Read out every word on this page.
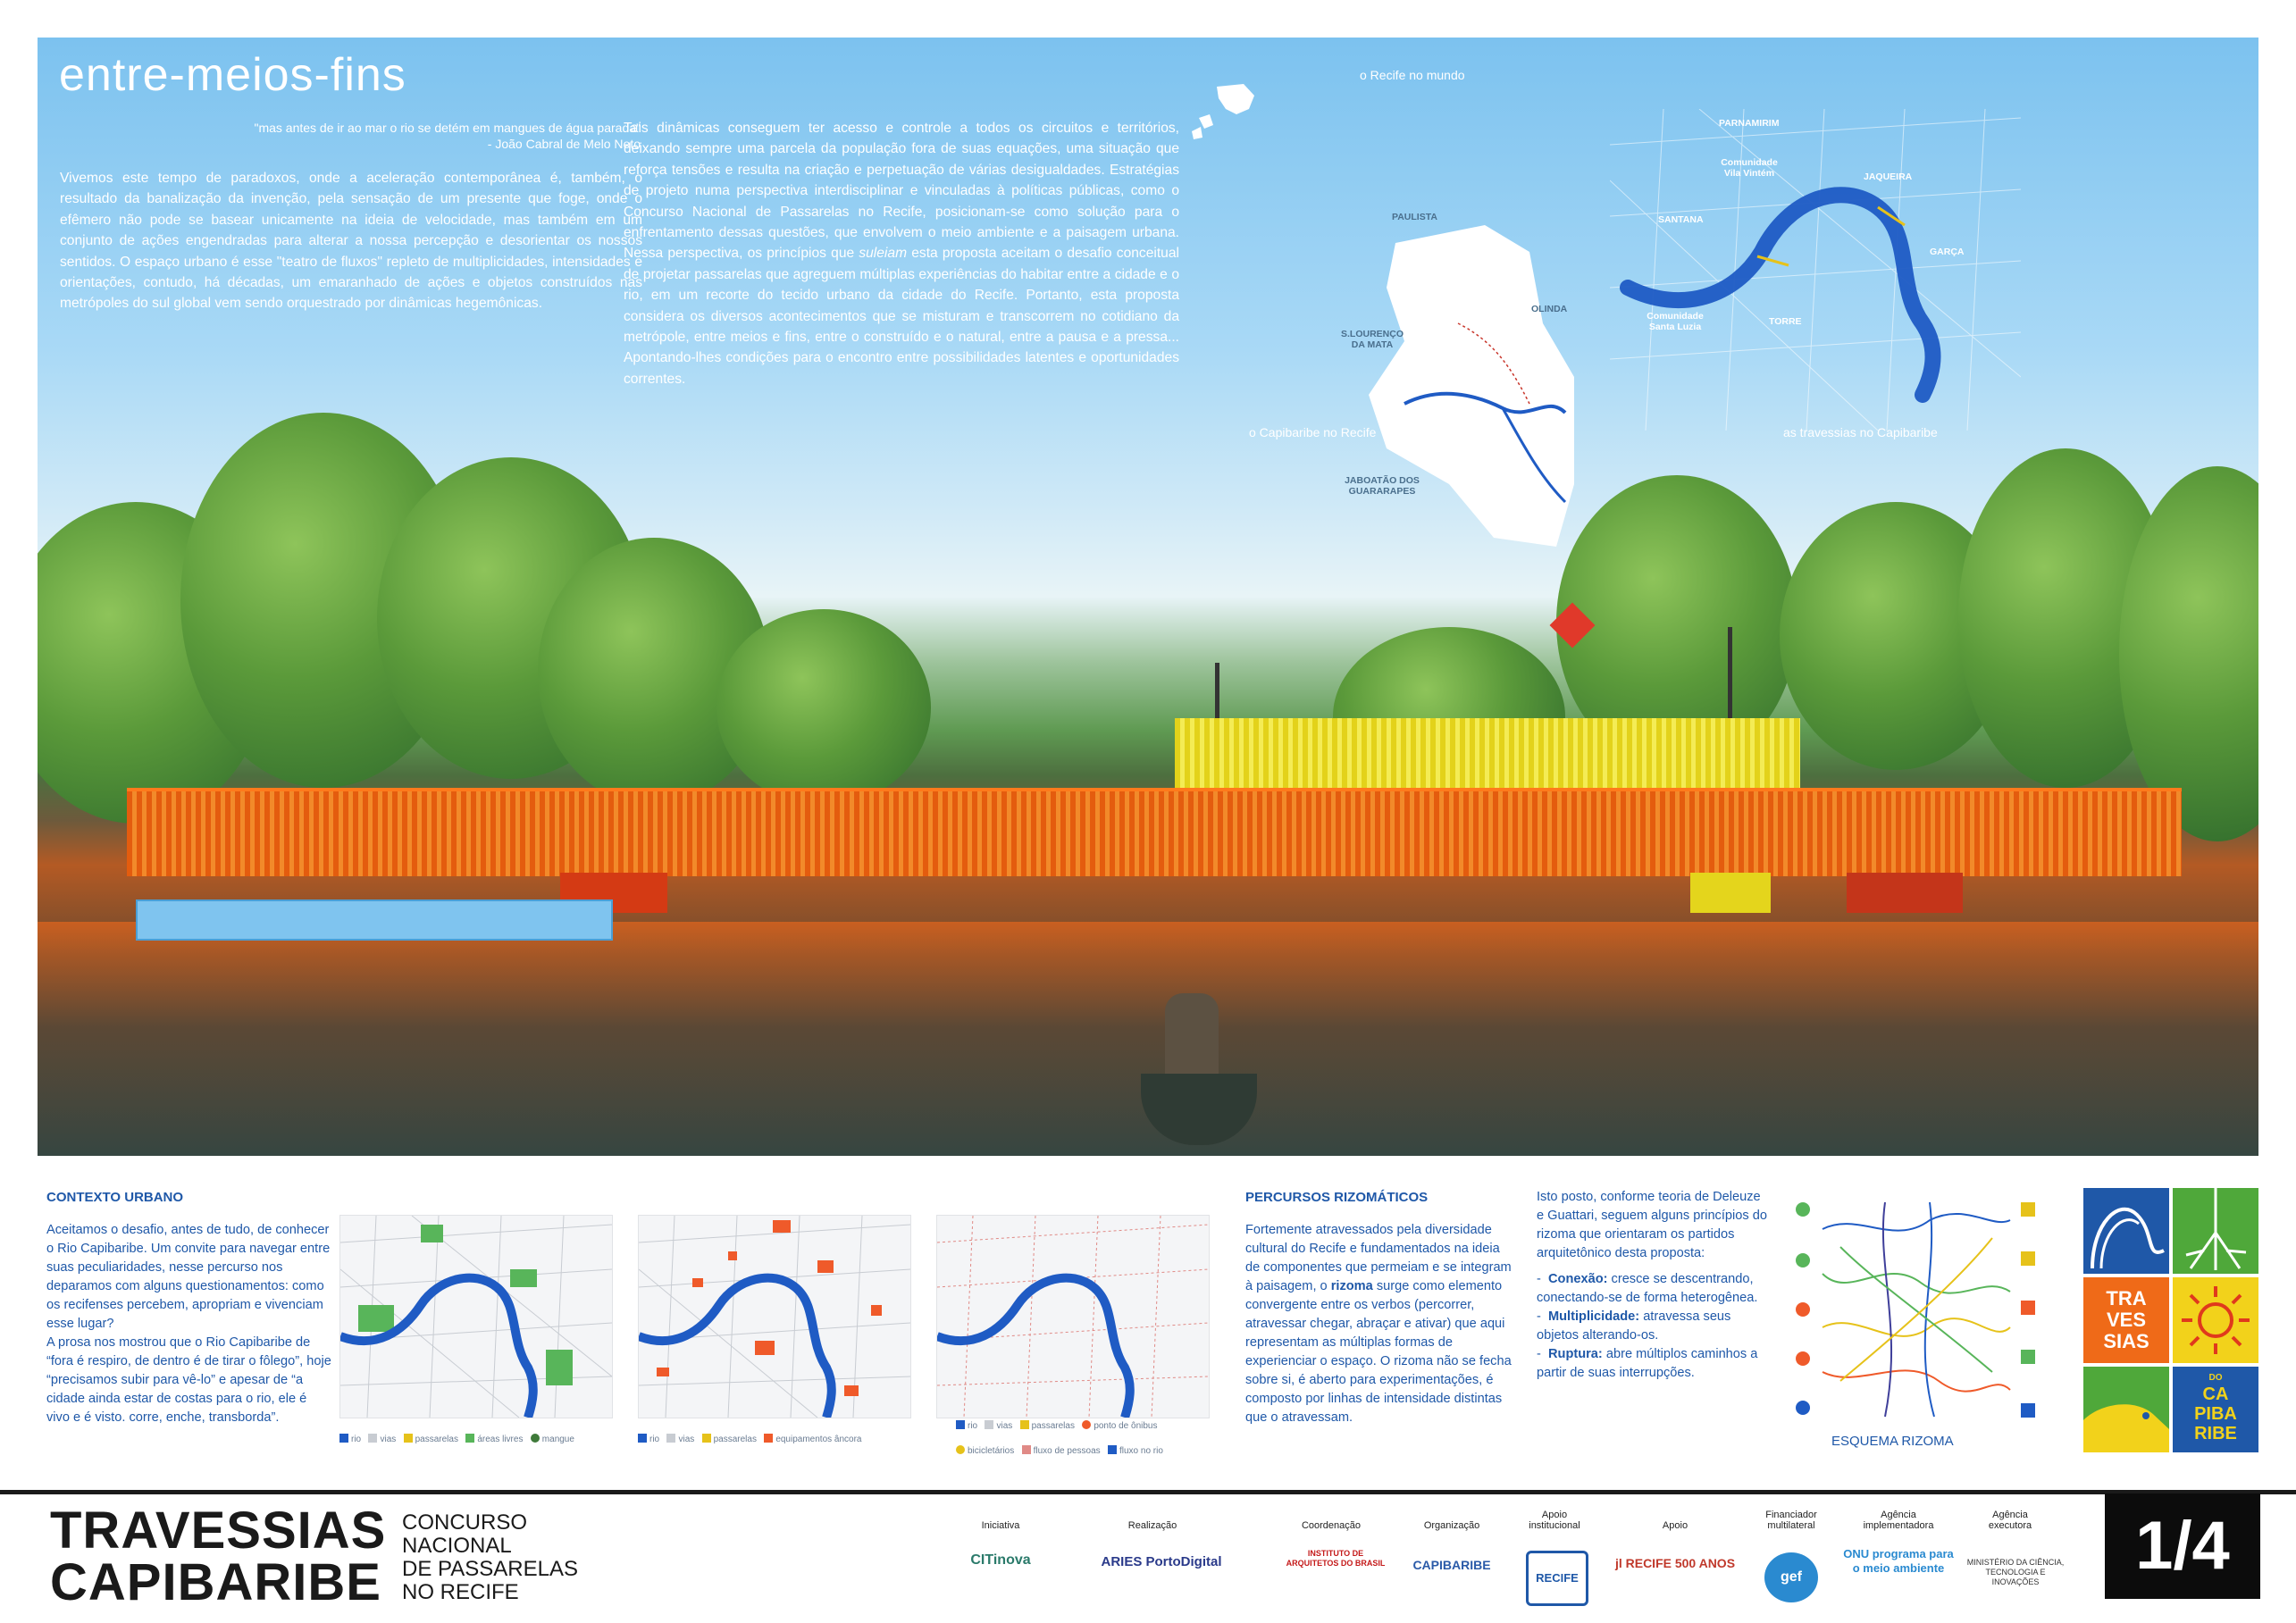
entre-meios-fins
"mas antes de ir ao mar o rio se detém em mangues de água parada"
- João Cabral de Melo Neto
Vivemos este tempo de paradoxos, onde a aceleração contemporânea é, também, o resultado da banalização da invenção, pela sensação de um presente que foge, onde o efêmero não pode se basear unicamente na ideia de velocidade, mas também em um conjunto de ações engendradas para alterar a nossa percepção e desorientar os nossos sentidos. O espaço urbano é esse "teatro de fluxos" repleto de multiplicidades, intensidades e orientações, contudo, há décadas, um emaranhado de ações e objetos construídos nas metrópoles do sul global vem sendo orquestrado por dinâmicas hegemônicas.
Tais dinâmicas conseguem ter acesso e controle a todos os circuitos e territórios, deixando sempre uma parcela da população fora de suas equações, uma situação que reforça tensões e resulta na criação e perpetuação de várias desigualdades. Estratégias de projeto numa perspectiva interdisciplinar e vinculadas à políticas públicas, como o Concurso Nacional de Passarelas no Recife, posicionam-se como solução para o enfrentamento dessas questões, que envolvem o meio ambiente e a paisagem urbana. Nessa perspectiva, os princípios que suleiam esta proposta aceitam o desafio conceitual de projetar passarelas que agreguem múltiplas experiências do habitar entre a cidade e o rio, em um recorte do tecido urbano da cidade do Recife. Portanto, esta proposta considera os diversos acontecimentos que se misturam e transcorrem no cotidiano da metrópole, entre meios e fins, entre o construído e o natural, entre a pausa e a pressa... Apontando-lhes condições para o encontro entre possibilidades latentes e oportunidades correntes.
o Recife no mundo
PAULISTA
OLINDA
S.LOURENÇO DA MATA
JABOATÃO DOS GUARARAPES
o Capibaribe no Recife
PARNAMIRIM
Comunidade Vila Vintém	JAQUEIRA
SANTANA
GARÇA
Comunidade Santa Luzia	TORRE
as travessias no Capibaribe
CONTEXTO URBANO
Aceitamos o desafio, antes de tudo, de conhecer o Rio Capibaribe. Um convite para navegar entre suas peculiaridades, nesse percurso nos deparamos com alguns questionamentos: como os recifenses percebem, apropriam e vivenciam esse lugar?
A prosa nos mostrou que o Rio Capibaribe de “fora é respiro, de dentro é de tirar o fôlego”, hoje “precisamos subir para vê-lo” e apesar de “a cidade ainda estar de costas para o rio, ele é vivo e é visto. corre, enche, transborda”.
rio vias passarelas áreas livres mangue	rio vias passarelas equipamentos âncora
rio vias passarelas ponto de ônibus
bicicletários fluxo de pessoas fluxo no rio
PERCURSOS RIZOMÁTICOS
Fortemente atravessados pela diversidade cultural do Recife e fundamentados na ideia de componentes que permeiam e se integram à paisagem, o rizoma surge como elemento convergente entre os verbos (percorrer, atravessar chegar, abraçar e ativar) que aqui representam as múltiplas formas de experienciar o espaço. O rizoma não se fecha sobre si, é aberto para experimentações, é composto por linhas de intensidade distintas que o atravessam.
Isto posto, conforme teoria de Deleuze e Guattari, seguem alguns princípios do rizoma que orientaram os partidos arquitetônico desta proposta:
-  Conexão: cresce se descentrando, conectando-se de forma heterogênea.
-  Multiplicidade: atravessa seus objetos alterando-os.
-  Ruptura: abre múltiplos caminhos a partir de suas interrupções.
ESQUEMA RIZOMA
TRA
VES
SIAS
DO
CA
PIBA
RIBE
TRAVESSIAS
CAPIBARIBE
CONCURSO
NACIONAL
DE PASSARELAS
NO RECIFE
Iniciativa
CITinova
Realização
ARIES PortoDigital
Coordenação
INSTITUTO DE ARQUITETOS DO BRASIL
Organização
CAPIBARIBE
Apoio institucional
RECIFE
Apoio
jl RECIFE 500 ANOS
Financiador multilateral
gef
Agência implementadora
ONU programa para o meio ambiente
Agência executora
MINISTÉRIO DA CIÊNCIA, TECNOLOGIA E INOVAÇÕES	1/4
